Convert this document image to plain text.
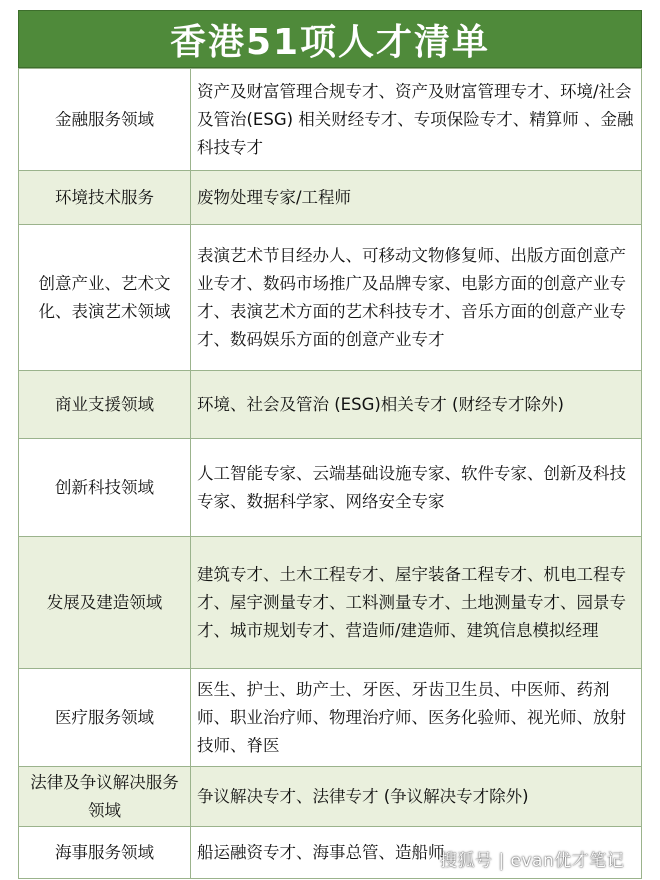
香港51项人才清单
金融服务领域	资产及财富管理合规专才、资产及财富管理专才、环境/社会及管治(ESG) 相关财经专才、专项保险专才、精算师 、金融科技专才
环境技术服务	废物处理专家/工程师
创意产业、艺术文化、表演艺术领域	表演艺术节目经办人、可移动文物修复师、出版方面创意产业专才、数码市场推广及品牌专家、电影方面的创意产业专才、表演艺术方面的艺术科技专才、音乐方面的创意产业专才、数码娱乐方面的创意产业专才
商业支援领域	环境、社会及管治 (ESG)相关专才 (财经专才除外)
创新科技领域	人工智能专家、云端基础设施专家、软件专家、创新及科技专家、数据科学家、网络安全专家
发展及建造领域	建筑专才、土木工程专才、屋宇装备工程专才、机电工程专才、屋宇测量专才、工料测量专才、土地测量专才、园景专才、城市规划专才、营造师/建造师、建筑信息模拟经理
医疗服务领域	医生、护士、助产士、牙医、牙齿卫生员、中医师、药剂师、职业治疗师、物理治疗师、医务化验师、视光师、放射技师、脊医
法律及争议解决服务领域	争议解决专才、法律专才 (争议解决专才除外)
海事服务领域	船运融资专才、海事总管、造船师
搜狐号 | evan优才笔记
